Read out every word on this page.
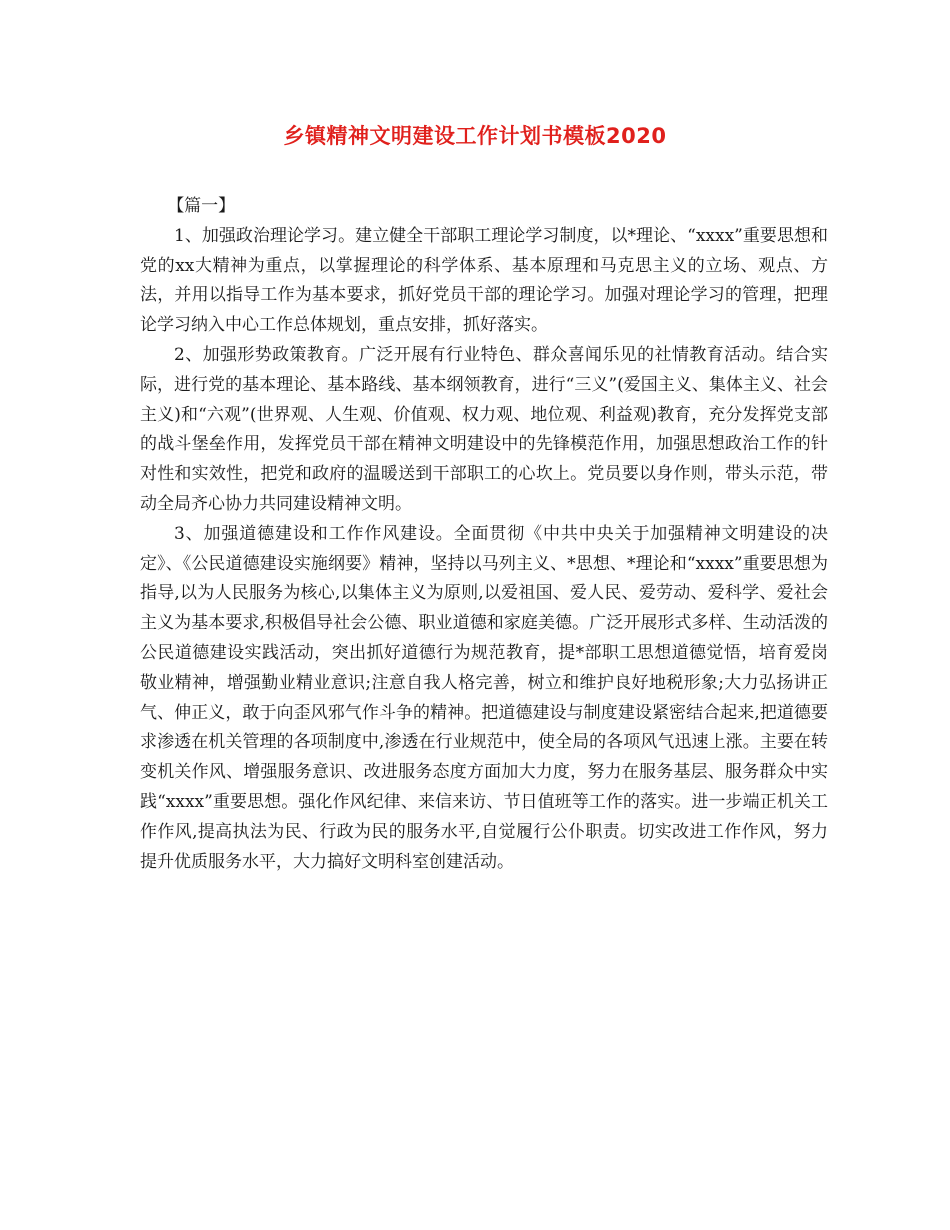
乡镇精神文明建设工作计划书模板2020

【篇一】

1、加强政治理论学习。建立健全干部职工理论学习制度，以*理论、“xxxx”重要思想和党的xx大精神为重点，以掌握理论的科学体系、基本原理和马克思主义的立场、观点、方法，并用以指导工作为基本要求，抓好党员干部的理论学习。加强对理论学习的管理，把理论学习纳入中心工作总体规划，重点安排，抓好落实。

2、加强形势政策教育。广泛开展有行业特色、群众喜闻乐见的社情教育活动。结合实际，进行党的基本理论、基本路线、基本纲领教育，进行“三义”(爱国主义、集体主义、社会主义)和“六观”(世界观、人生观、价值观、权力观、地位观、利益观)教育，充分发挥党支部的战斗堡垒作用，发挥党员干部在精神文明建设中的先锋模范作用，加强思想政治工作的针对性和实效性，把党和政府的温暖送到干部职工的心坎上。党员要以身作则，带头示范，带动全局齐心协力共同建设精神文明。

3、加强道德建设和工作作风建设。全面贯彻《中共中央关于加强精神文明建设的决定》、《公民道德建设实施纲要》精神，坚持以马列主义、*思想、*理论和“xxxx”重要思想为指导,以为人民服务为核心,以集体主义为原则,以爱祖国、爱人民、爱劳动、爱科学、爱社会主义为基本要求,积极倡导社会公德、职业道德和家庭美德。广泛开展形式多样、生动活泼的公民道德建设实践活动，突出抓好道德行为规范教育，提*部职工思想道德觉悟，培育爱岗敬业精神，增强勤业精业意识;注意自我人格完善，树立和维护良好地税形象;大力弘扬讲正气、伸正义，敢于向歪风邪气作斗争的精神。把道德建设与制度建设紧密结合起来,把道德要求渗透在机关管理的各项制度中,渗透在行业规范中，使全局的各项风气迅速上涨。主要在转变机关作风、增强服务意识、改进服务态度方面加大力度，努力在服务基层、服务群众中实践“xxxx”重要思想。强化作风纪律、来信来访、节日值班等工作的落实。进一步端正机关工作作风,提高执法为民、行政为民的服务水平,自觉履行公仆职责。切实改进工作作风，努力提升优质服务水平，大力搞好文明科室创建活动。
